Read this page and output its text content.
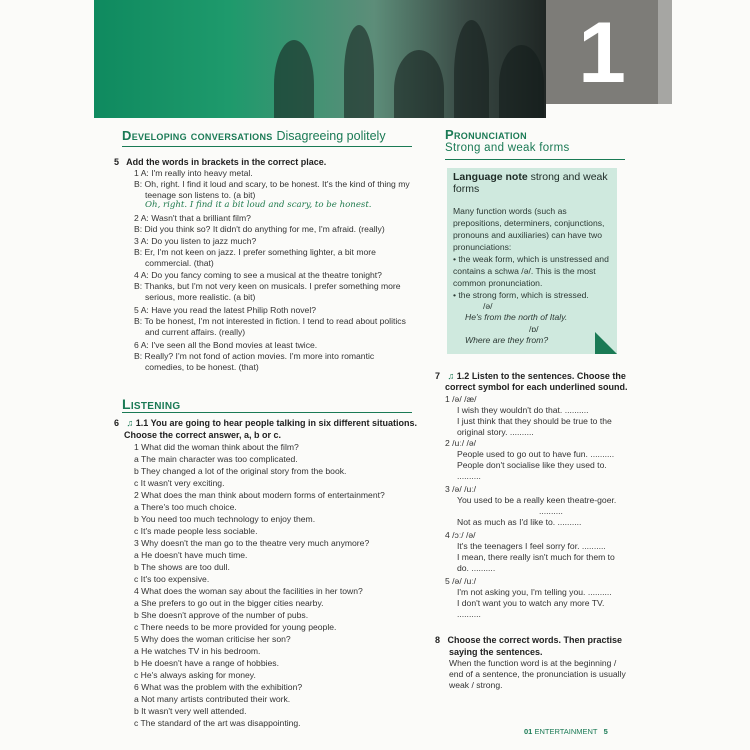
1
Developing conversations Disagreeing politely
5 Add the words in brackets in the correct place.
1 A: I'm really into heavy metal.
B: Oh, right. I find it loud and scary, to be honest. It's the kind of thing my
teenage son listens to. (a bit)
Oh, right. I find it a bit loud and scary, to be honest.
2 A: Wasn't that a brilliant film?
B: Did you think so? It didn't do anything for me, I'm afraid. (really)
3 A: Do you listen to jazz much?
B: Er, I'm not keen on jazz. I prefer something lighter, a bit more
commercial. (that)
4 A: Do you fancy coming to see a musical at the theatre tonight?
B: Thanks, but I'm not very keen on musicals. I prefer something more
serious, more realistic. (a bit)
5 A: Have you read the latest Philip Roth novel?
B: To be honest, I'm not interested in fiction. I tend to read about politics
and current affairs. (really)
6 A: I've seen all the Bond movies at least twice.
B: Really? I'm not fond of action movies. I'm more into romantic
comedies, to be honest. (that)
Listening
6 ♫ 1.1 You are going to hear people talking in six different situations.
Choose the correct answer, a, b or c.
1 What did the woman think about the film?
a The main character was too complicated.
b They changed a lot of the original story from the book.
c It wasn't very exciting.
2 What does the man think about modern forms of entertainment?
a There's too much choice.
b You need too much technology to enjoy them.
c It's made people less sociable.
3 Why doesn't the man go to the theatre very much anymore?
a He doesn't have much time.
b The shows are too dull.
c It's too expensive.
4 What does the woman say about the facilities in her town?
a She prefers to go out in the bigger cities nearby.
b She doesn't approve of the number of pubs.
c There needs to be more provided for young people.
5 Why does the woman criticise her son?
a He watches TV in his bedroom.
b He doesn't have a range of hobbies.
c He's always asking for money.
6 What was the problem with the exhibition?
a Not many artists contributed their work.
b It wasn't very well attended.
c The standard of the art was disappointing.
Pronunciation
Strong and weak forms
Language note strong and weak
forms
Many function words (such as
prepositions, determiners, conjunctions,
pronouns and auxiliaries) can have two
pronunciations:
• the weak form, which is unstressed and
contains a schwa /ə/. This is the most
common pronunciation.
• the strong form, which is stressed.
/ə/
He's from the north of Italy.
/ɒ/
Where are they from?
7 ♫ 1.2 Listen to the sentences. Choose the
correct symbol for each underlined sound.
1 /ə/ /æ/
I wish they wouldn't do that. ..........
I just think that they should be true to the
original story. ..........
2 /uː/ /ə/
People used to go out to have fun. ..........
People don't socialise like they used to.
..........
3 /ə/ /uː/
You used to be a really keen theatre-goer.
..........
Not as much as I'd like to. ..........
4 /ɔː/ /ə/
It's the teenagers I feel sorry for. ..........
I mean, there really isn't much for them to
do. ..........
5 /ə/ /uː/
I'm not asking you, I'm telling you. ..........
I don't want you to watch any more TV.
..........
8 Choose the correct words. Then practise
saying the sentences.
When the function word is at the beginning /
end of a sentence, the pronunciation is usually
weak / strong.
01 ENTERTAINMENT 5
